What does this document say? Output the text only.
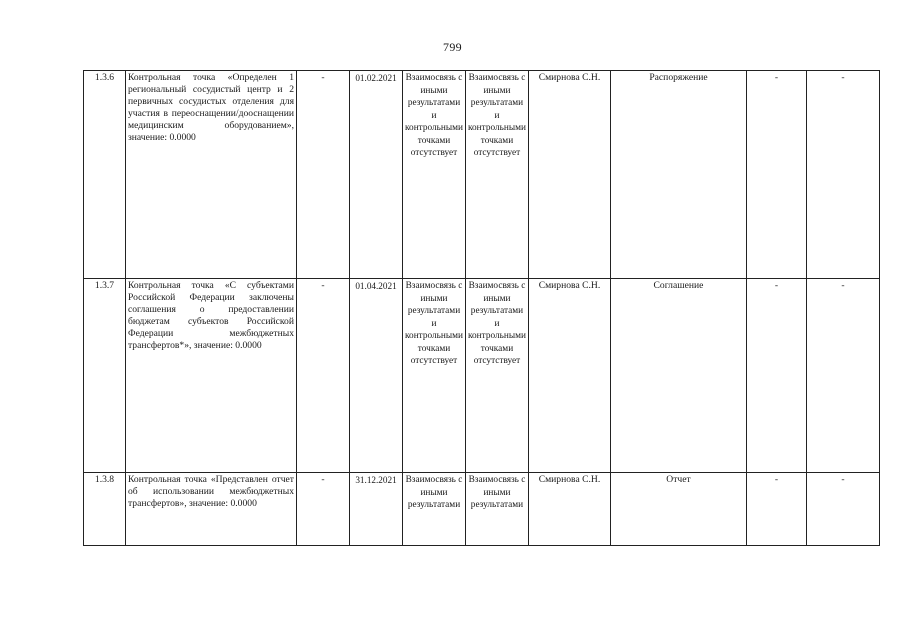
799
1.3.6	Контрольная точка «Определен 1 региональный сосудистый центр и 2 первичных сосудистых отделения для участия в переоснащении/дооснащении медицинским оборудованием», значение: 0.0000	-	01.02.2021	Взаимосвязь с иными результатами и контрольными точками отсутствует	Взаимосвязь с иными результатами и контрольными точками отсутствует	Смирнова С.Н.	Распоряжение	-	-
1.3.7	Контрольная точка «С субъектами Российской Федерации заключены соглашения о предоставлении бюджетам субъектов Российской Федерации межбюджетных трансфертов*», значение: 0.0000	-	01.04.2021	Взаимосвязь с иными результатами и контрольными точками отсутствует	Взаимосвязь с иными результатами и контрольными точками отсутствует	Смирнова С.Н.	Соглашение	-	-
1.3.8	Контрольная точка «Представлен отчет об использовании межбюджетных трансфертов», значение: 0.0000	-	31.12.2021	Взаимосвязь с иными результатами	Взаимосвязь с иными результатами	Смирнова С.Н.	Отчет	-	-
